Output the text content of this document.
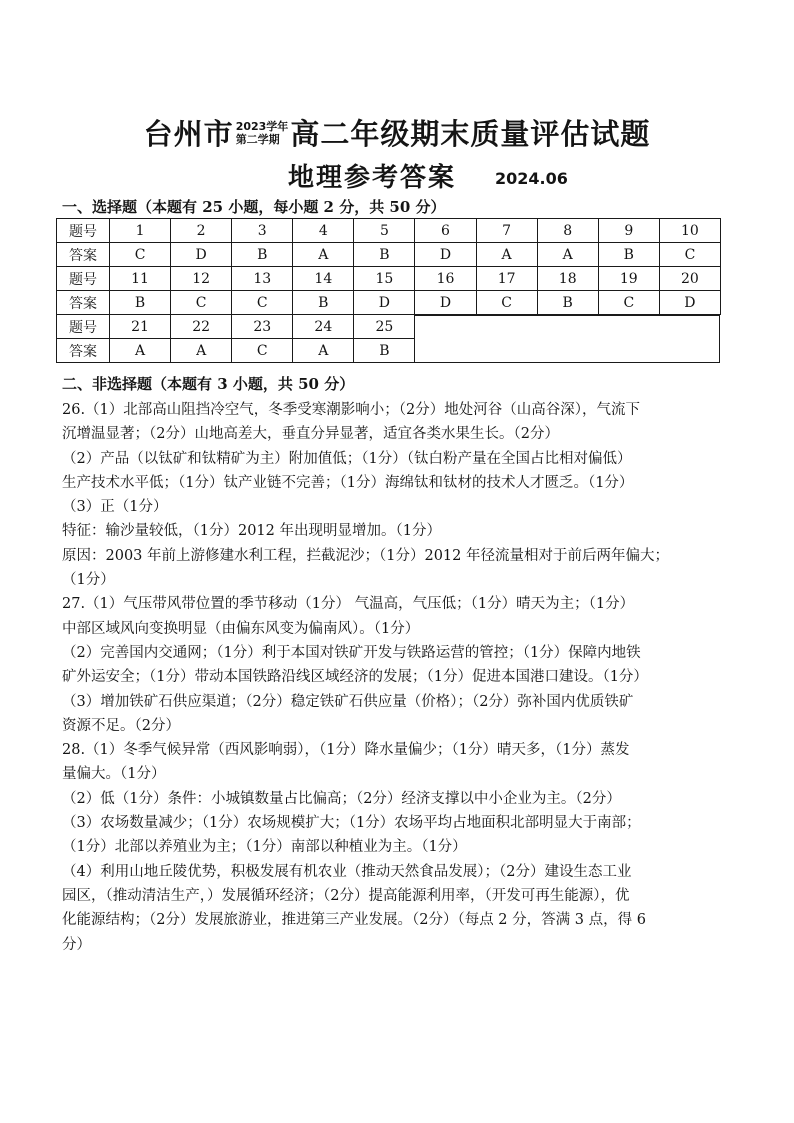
台州市 2023学年
第二学期 高二年级期末质量评估试题
地理参考答案 2024.06
一、选择题（本题有 25 小题，每小题 2 分，共 50 分）
题号	1	2	3	4	5	6	7	8	9	10
答案	C	D	B	A	B	D	A	A	B	C
题号	11	12	13	14	15	16	17	18	19	20
答案	B	C	C	B	D	D	C	B	C	D
题号	21	22	23	24	25					
答案	A	A	C	A	B					
二、非选择题（本题有 3 小题，共 50 分）
26.（1）北部高山阻挡冷空气，冬季受寒潮影响小；（2分）地处河谷（山高谷深），气流下
沉增温显著；（2分）山地高差大，垂直分异显著，适宜各类水果生长。（2分）
（2）产品（以钛矿和钛精矿为主）附加值低；（1分）（钛白粉产量在全国占比相对偏低）
生产技术水平低；（1分）钛产业链不完善；（1分）海绵钛和钛材的技术人才匮乏。（1分）
（3）正（1分）
特征：输沙量较低，（1分）2012 年出现明显增加。（1分）
原因：2003 年前上游修建水利工程，拦截泥沙；（1分）2012 年径流量相对于前后两年偏大；
（1分）
27.（1）气压带风带位置的季节移动（1分） 气温高，气压低；（1分）晴天为主；（1分）
中部区域风向变换明显（由偏东风变为偏南风）。（1分）
（2）完善国内交通网；（1分）利于本国对铁矿开发与铁路运营的管控；（1分）保障内地铁
矿外运安全；（1分）带动本国铁路沿线区域经济的发展；（1分）促进本国港口建设。（1分）
（3）增加铁矿石供应渠道；（2分）稳定铁矿石供应量（价格）；（2分）弥补国内优质铁矿
资源不足。（2分）
28.（1）冬季气候异常（西风影响弱），（1分）降水量偏少；（1分）晴天多，（1分）蒸发
量偏大。（1分）
（2）低（1分）条件：小城镇数量占比偏高；（2分）经济支撑以中小企业为主。（2分）
（3）农场数量减少；（1分）农场规模扩大；（1分）农场平均占地面积北部明显大于南部；
（1分）北部以养殖业为主；（1分）南部以种植业为主。（1分）
（4）利用山地丘陵优势，积极发展有机农业（推动天然食品发展）；（2分）建设生态工业
园区，（推动清洁生产，）发展循环经济；（2分）提高能源利用率，（开发可再生能源），优
化能源结构；（2分）发展旅游业，推进第三产业发展。（2分）（每点 2 分，答满 3 点，得 6
分）
